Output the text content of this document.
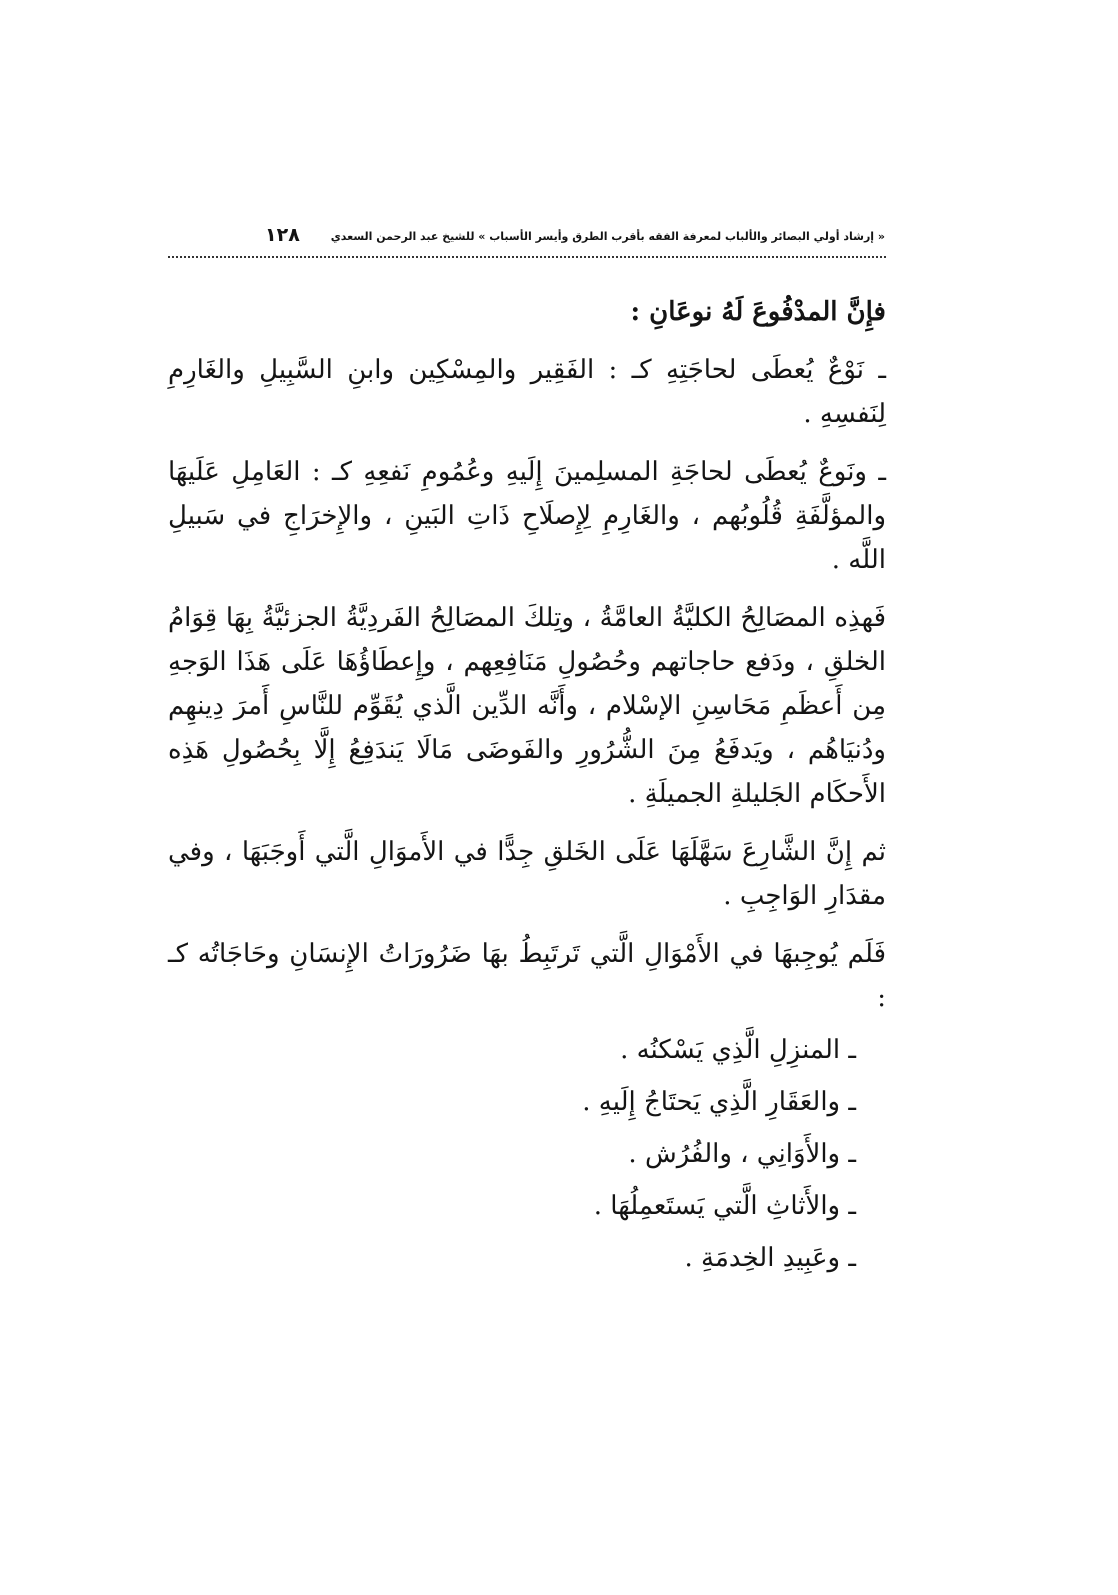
« إرشاد أولي البصائر والألباب لمعرفة الفقه بأقرب الطرق وأيسر الأسباب » للشيخ عبد الرحمن السعدي
١٢٨

فإِنَّ المدْفُوعَ لَهُ نوعَانِ :

ـ نَوْعٌ يُعطَى لحاجَتِهِ كـ : الفَقِير والمِسْكِين وابنِ السَّبِيلِ والغَارِمِ لِنَفسِهِ .

ـ ونَوعٌ يُعطَى لحاجَةِ المسلِمينَ إِلَيهِ وعُمُومِ نَفعِهِ كـ : العَامِلِ عَلَيهَا والمؤلَّفَةِ قُلُوبُهم ، والغَارِمِ لِإِصلَاحِ ذَاتِ البَينِ ، والإِخرَاجِ في سَبيلِ اللَّه .

فَهذِه المصَالِحُ الكليَّةُ العامَّةُ ، وتِلكَ المصَالِحُ الفَردِيَّةُ الجزئيَّةُ بِهَا قِوَامُ الخلقِ ، ودَفع حاجاتهم وحُصُولِ مَنَافِعِهم ، وإِعطَاؤُهَا عَلَى هَذَا الوَجهِ مِن أَعظَمِ مَحَاسِنِ الإسْلام ، وأَنَّه الدِّين الَّذي يُقَوِّم للنَّاسِ أَمرَ دِينهِم ودُنيَاهُم ، ويَدفَعُ مِنَ الشُّرُورِ والفَوضَى مَالَا يَندَفِعُ إِلَّا بِحُصُولِ هَذِه الأَحكَام الجَليلةِ الجميلَةِ .

ثم إِنَّ الشَّارِعَ سَهَّلَهَا عَلَى الخَلقِ جِدًّا في الأَموَالِ الَّتي أَوجَبَهَا ، وفي مقدَارِ الوَاجِبِ .

فَلَم يُوجِبهَا في الأَمْوَالِ الَّتي تَرتَبِطُ بهَا ضَرُورَاتُ الإِنسَانِ وحَاجَاتُه كـ :

ـ المنزِلِ الَّذِي يَسْكنُه .

ـ والعَقَارِ الَّذِي يَحتَاجُ إِلَيهِ .

ـ والأَوَانِي ، والفُرُش .

ـ والأَثاثِ الَّتي يَستَعمِلُهَا .

ـ وعَبِيدِ الخِدمَةِ .
